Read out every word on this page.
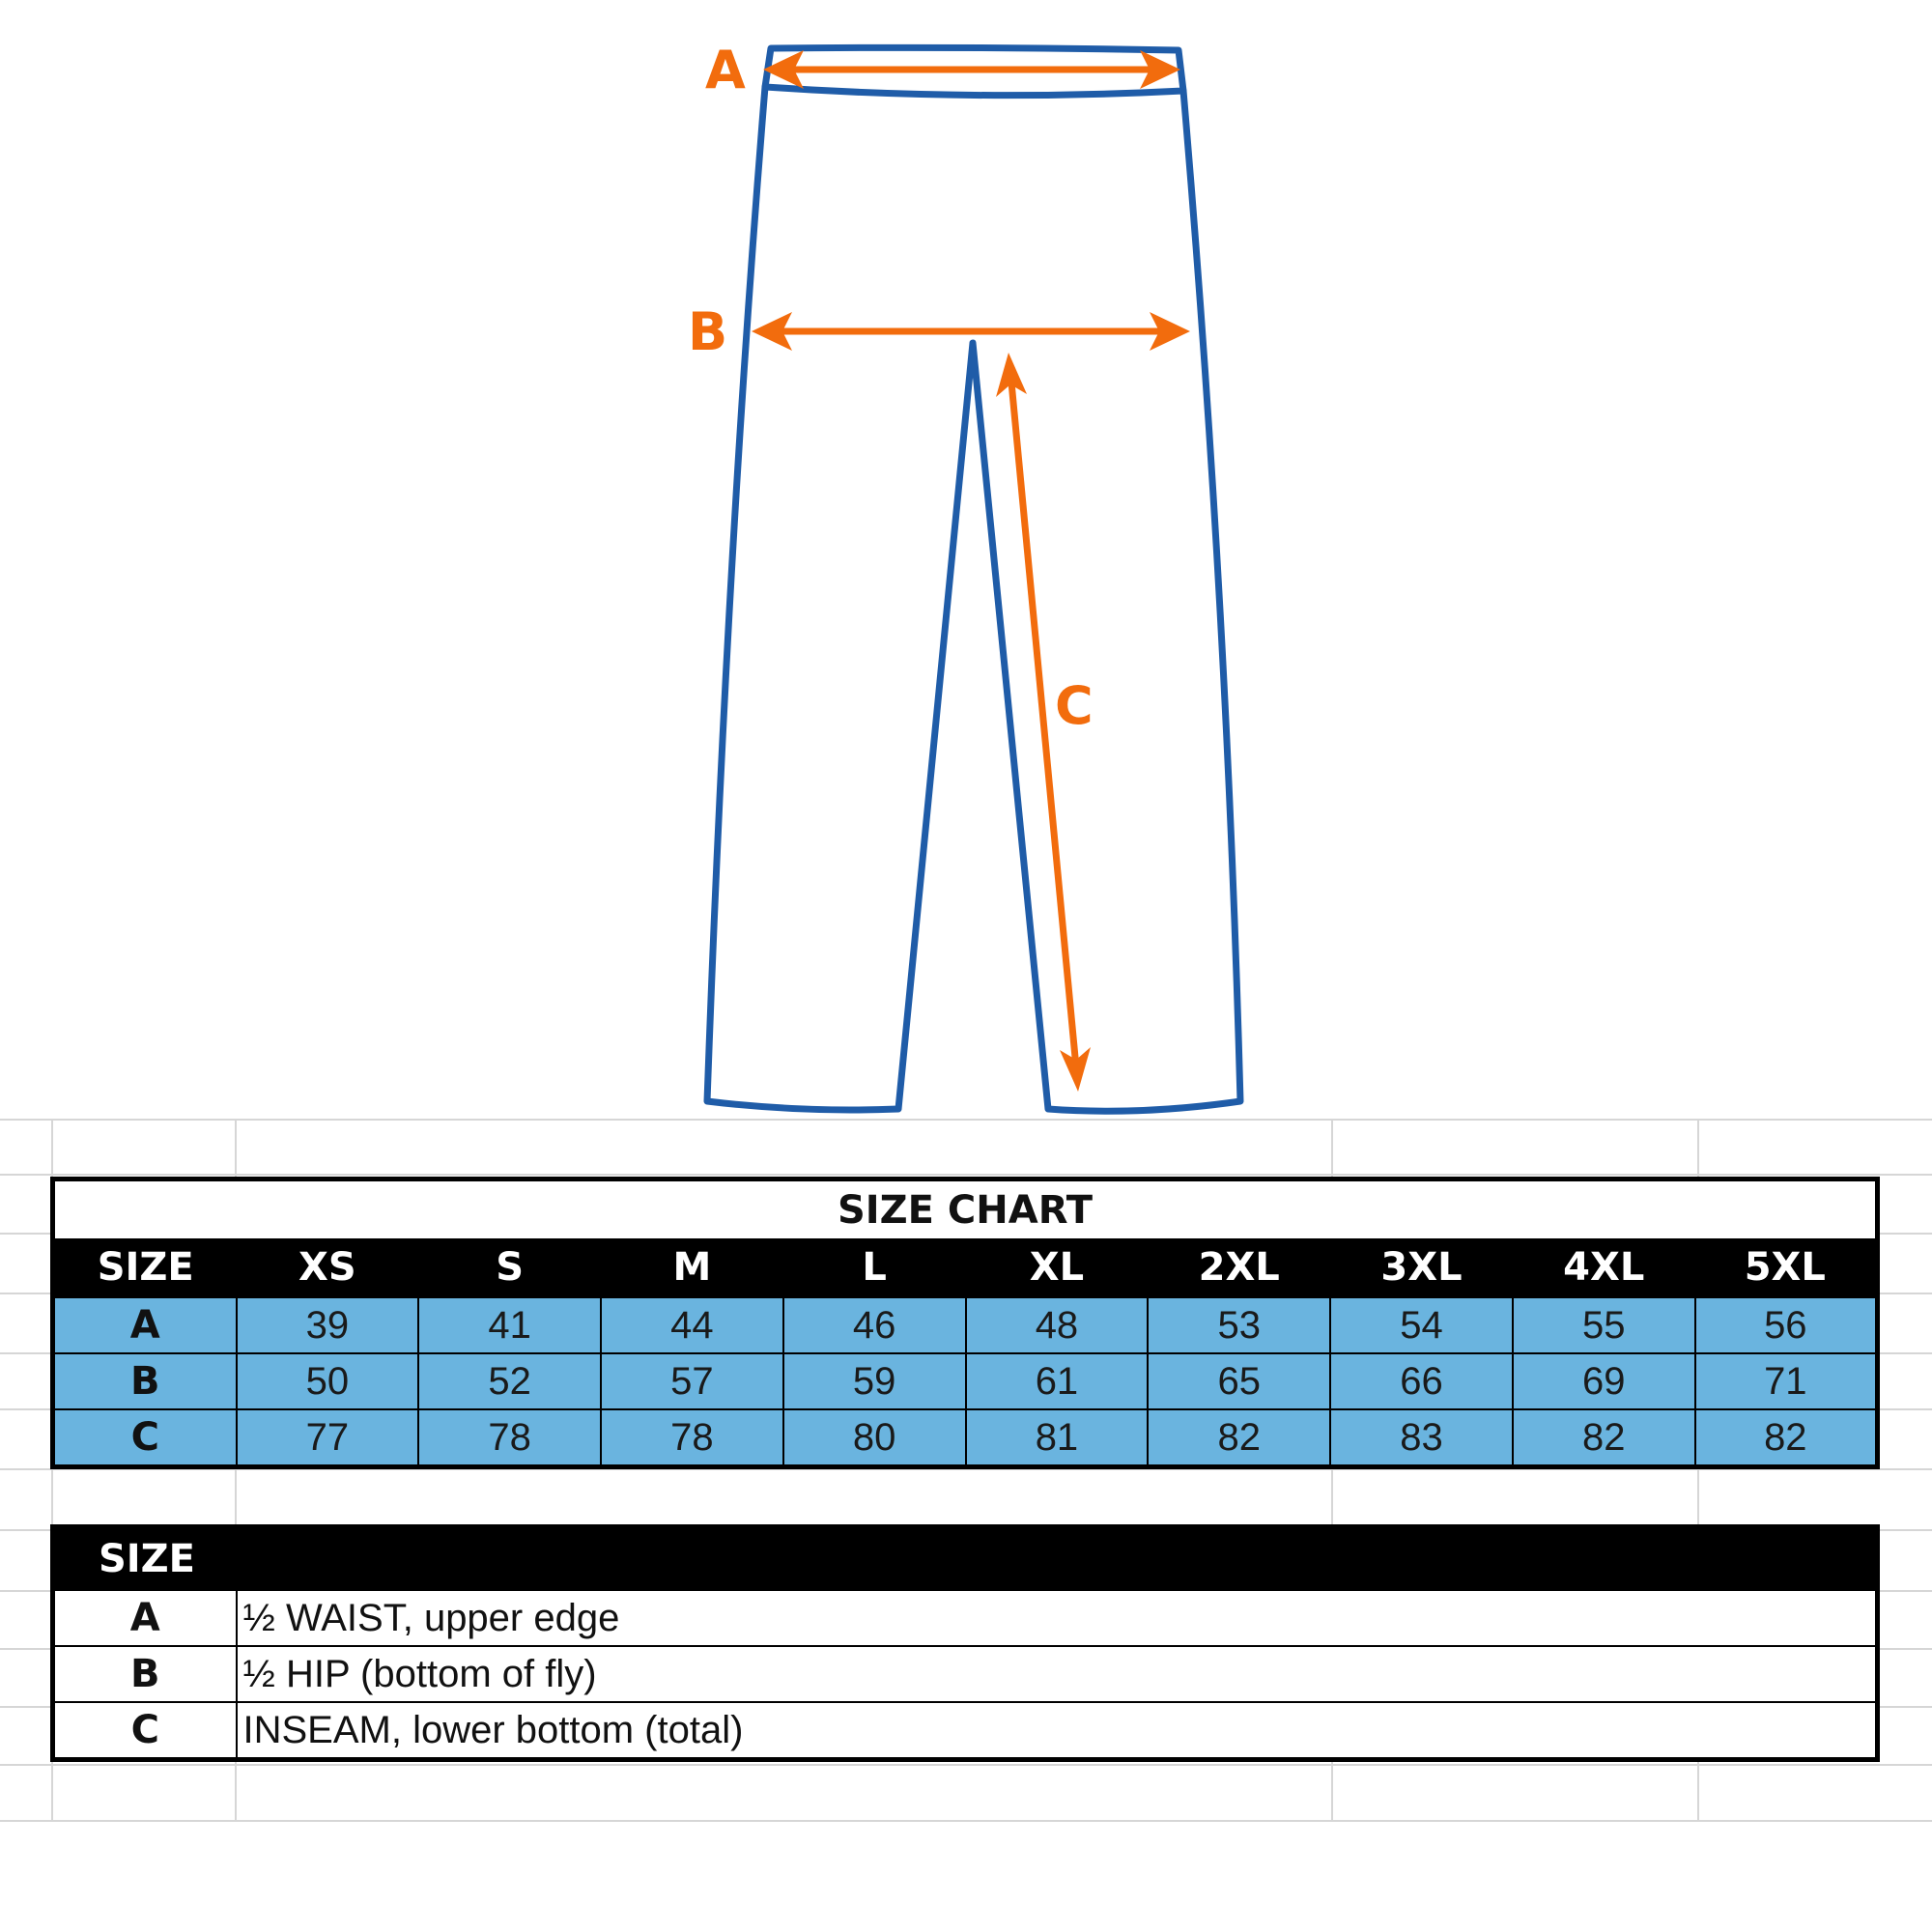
A
B
C
SIZE CHART									
SIZE	XS	S	M	L	XL	2XL	3XL	4XL	5XL
A	39	41	44	46	48	53	54	55	56
B	50	52	57	59	61	65	66	69	71
C	77	78	78	80	81	82	83	82	82
SIZE	
A	½ WAIST, upper edge
B	½ HIP (bottom of fly)
C	INSEAM, lower bottom (total)
